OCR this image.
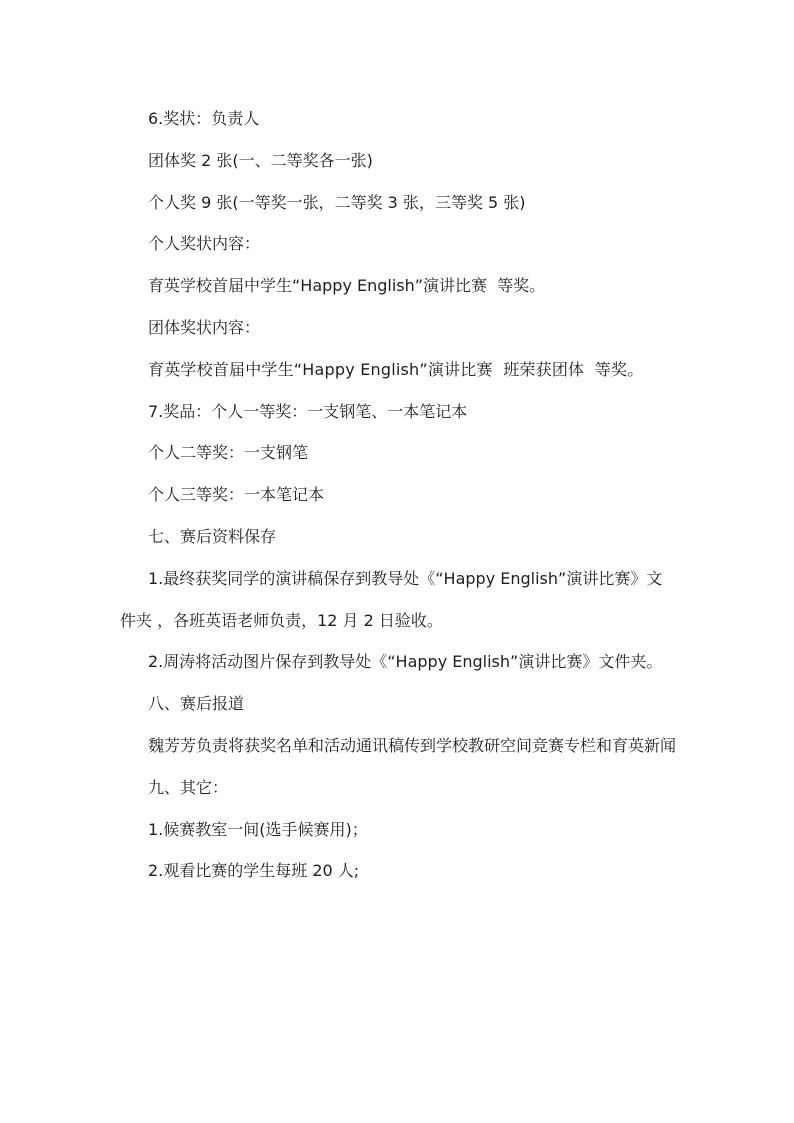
6.奖状：负责人

团体奖 2 张(一、二等奖各一张)

个人奖 9 张(一等奖一张，二等奖 3 张，三等奖 5 张)

个人奖状内容：

育英学校首届中学生“Happy English”演讲比赛  等奖。

团体奖状内容：

育英学校首届中学生“Happy English”演讲比赛  班荣获团体  等奖。

7.奖品：个人一等奖：一支钢笔、一本笔记本

个人二等奖：一支钢笔

个人三等奖：一本笔记本

七、赛后资料保存

1.最终获奖同学的演讲稿保存到教导处《“Happy English”演讲比赛》文件夹 ，各班英语老师负责，12 月 2 日验收。

2.周涛将活动图片保存到教导处《“Happy English”演讲比赛》文件夹。

八、赛后报道

魏芳芳负责将获奖名单和活动通讯稿传到学校教研空间竞赛专栏和育英新闻

九、其它：

1.候赛教室一间(选手候赛用)；

2.观看比赛的学生每班 20 人;
